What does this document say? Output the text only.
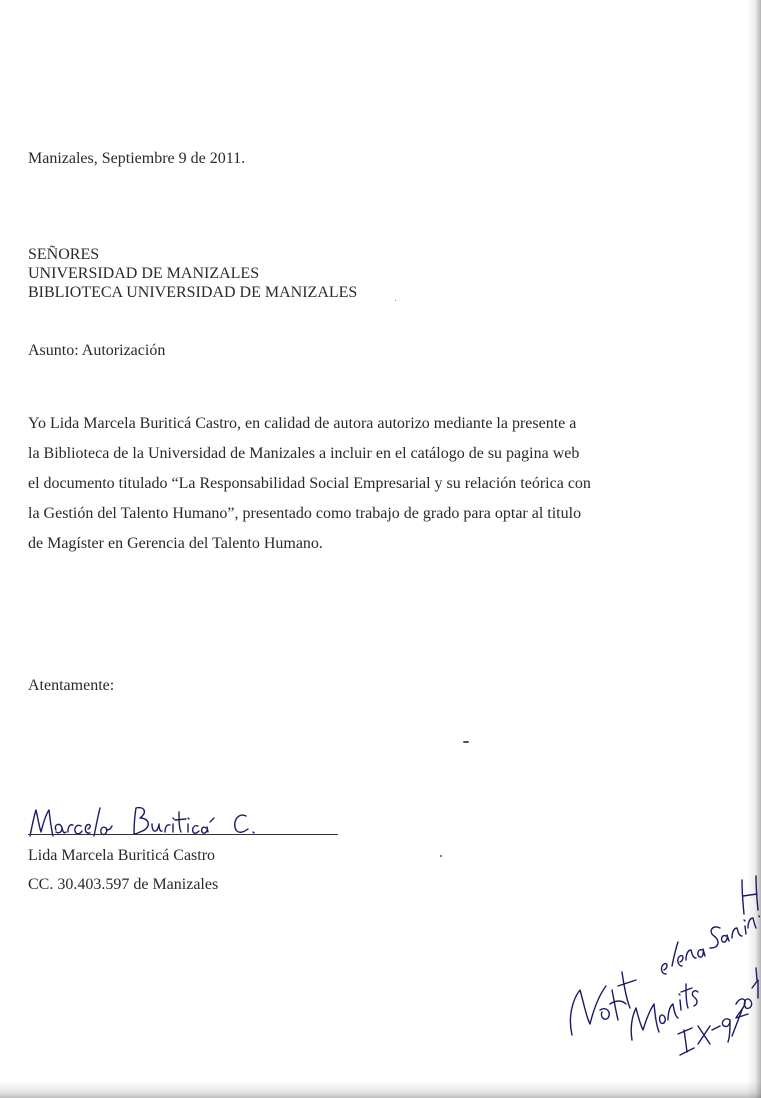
Manizales, Septiembre 9 de 2011.
SEÑORES
UNIVERSIDAD DE MANIZALES
BIBLIOTECA UNIVERSIDAD DE MANIZALES
Asunto: Autorización
Yo Lida Marcela Buriticá Castro, en calidad de autora autorizo mediante la presente a
la Biblioteca de la Universidad de Manizales a incluir en el catálogo de su pagina web
el documento titulado “La Responsabilidad Social Empresarial y su relación teórica con
la Gestión del Talento Humano”, presentado como trabajo de grado para optar al titulo
de Magíster en Gerencia del Talento Humano.
Atentamente:
Lida Marcela Buriticá Castro
CC. 30.403.597 de Manizales
